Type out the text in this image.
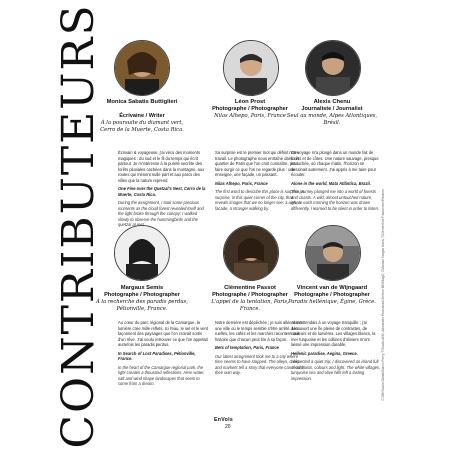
CONTRIBUTEURS Monica Sabatis Buttiglieri
Écrivaine / Writer
À la poursuite du diamant vert, Cerro de la Muerte, Costa Rica.
Léon Prost
Photographe / Photographer
Nilas Alhepo, Paris, France
Alexis Chenu
Journaliste / Journalist
Seul au monde, Alpes Atlantiques, Brésil.

Écrivain & voyageuse, j'ai vécu des moments magiques : du sud et le fil du temps qui écrit partout. Je m'intéresse à la pureté secrète des forêts pluviales cachées dans la montagne, aux routes qui mènent nulle part et aux parcs des villes que la nature reprend.

One Fine over the Quetzal's Nest, Cerro de la Muerte, Costa Rica.

During the assignment, I took some precious moments as the cloud forest revealed itself and the light broke through the canopy; I walked slowly to observe the hummingbirds and the quetzal at rest.

Sa surprise est le premier mot qui définit notre travail. Le photographe nous entraîne dans un quartier de Paris que l'on croit connaître, pour faire surgir ce que l'on ne regarde plus : une enseigne, une façade, un passant.

Nilas Alhepo, Paris, France

The first word to describe this place is surprise. A surprise, in this quiet corner of the city, that reveals images that we no longer see: a sign, a facade, a stranger walking by.

Ce voyage m'a plongé dans un monde fait de forêts et de côtes. Une nature sauvage, presque intouchée, où chaque matin, l'horizon se dessinait autrement. J'ai appris à me taire pour écouter.

Alone in the world, Mata Atlântica, Brazil.

This journey plunged me into a world of forests and coasts. A wild, almost untouched nature, where each morning the horizon was drawn differently. I learned to be silent in order to listen.

Margaux Semis
Photographe / Photographer
À la recherche des paradis perdus, Pétionville, France.
Clémentine Passot
Photographe / Photographer
L'appel de la tentation, Paris, France.
Vincent van de Wijngaard
Photographe / Photographer
Paradis hellénique, Égine, Grèce.

Au cœur du parc régional de la Camargue, la lumière crée mille reflets. Ici l'eau, le sel et le vent façonnent des paysages que l'on croirait sortis d'un rêve. J'ai voulu retrouver ce que l'on appelait autrefois les paradis perdus.

In Search of Lost Paradises, Pétionville, France.

In the heart of the Camargue regional park, the light creates a thousand reflections. Here water, salt and wind shape landscapes that seem to come from a dream.

Notre dernière est dépêchée ; je suis allée dans une ville où le temps semble s'être arrêté. Les ruelles, les cafés et les marchés racontent une histoire que chacun peut lire à sa façon.

Bets of temptation, Paris, France

Our latest assignment took me to a city where time seems to have stopped. The alleys, cafés and markets tell a story that everyone can read in their own way.

Je m'attendais à un voyage tranquille ; j'ai découvert une île pleine de contrastes, de couleurs et de lumières. Les villages blancs, la mer turquoise et les collines d'oliviers m'ont laissé une impression durable.

Hellenic paradise, Aegina, Greece.

I expected a quiet trip; I discovered an island full of contrasts, colours and light. The white villages, turquoise sea and olive hills left a lasting impression.	© DR/Studio Dahal/Gianni Ferry, ©Studio AHV, Alexandre Rousseau/Jérôme DR/MagZ, ©Manuel Vargas Mora, ©Clémentine Pautonnier/Reuters
EnVols
20
